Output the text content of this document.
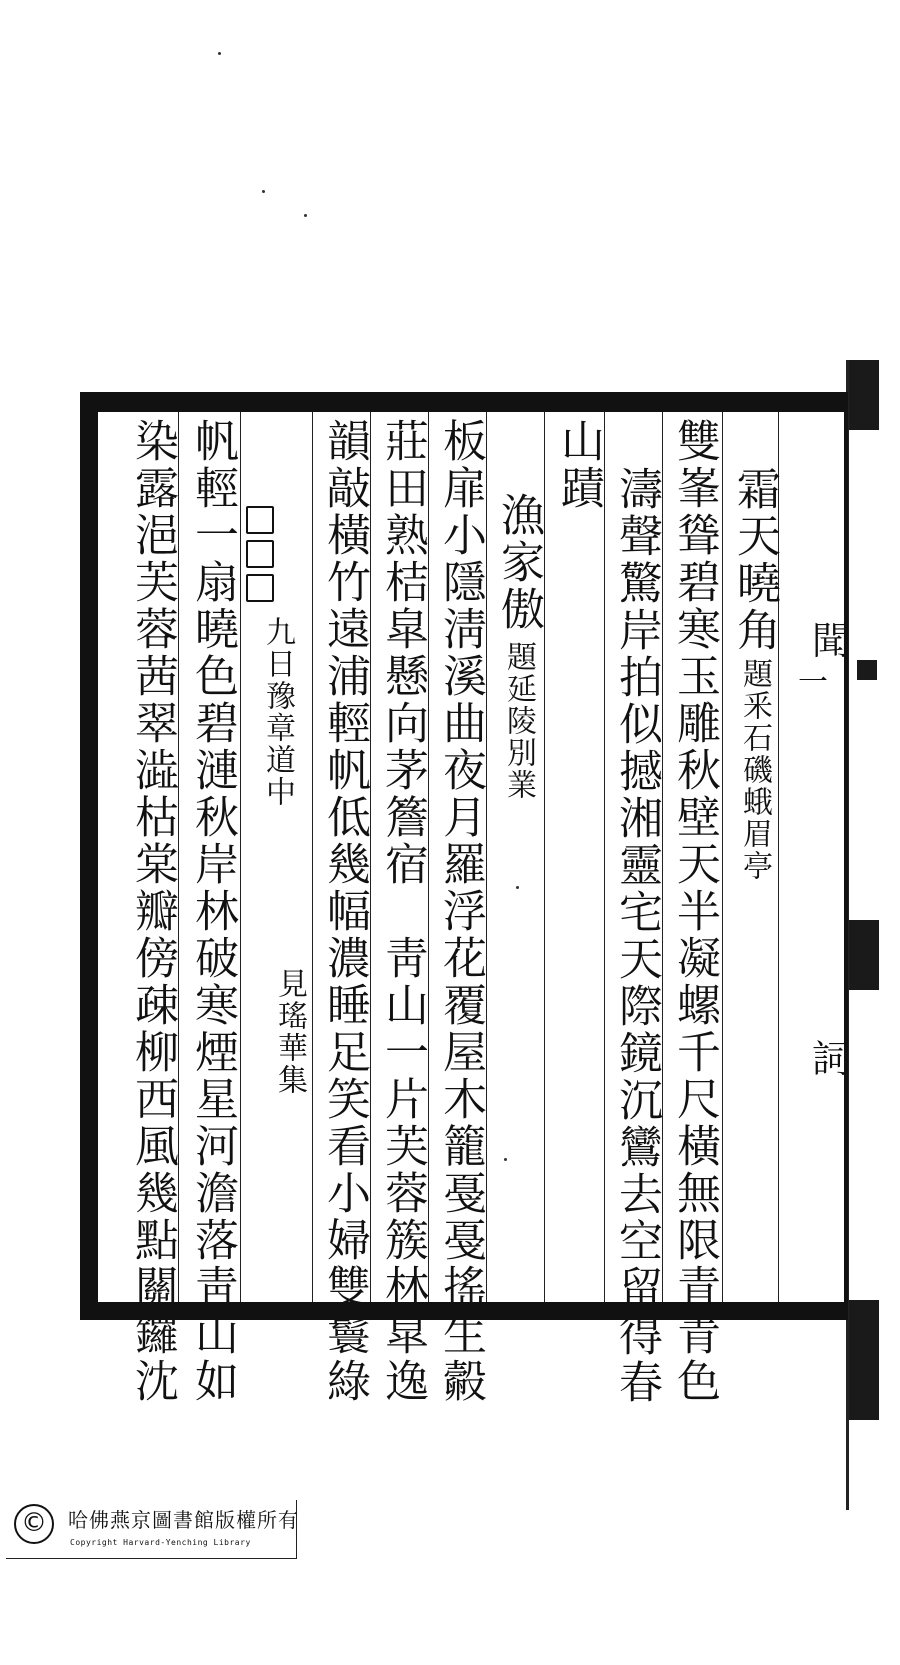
聞
一
詞
霜天曉角題釆石磯蛾眉亭
雙峯聳碧寒玉雕秋壁天半凝螺千尺橫無限青青色
濤聲驚岸拍似撼湘靈宅天際鏡沉鸞去空留得春
山蹟
漁家傲題延陵別業
板扉小隱淸溪曲夜月羅浮花覆屋木籠戞戞搖生㲉
莊田熟桔皐懸向茅簷宿　靑山一片芙蓉簇林皐逸
韻敲橫竹遠浦輕帆低幾幅濃睡足笑看小婦雙鬟綠
九日豫章道中
見瑤華集
帆輕一扇曉色碧漣秋岸林破寒煙星河澹落靑山如
染露浥芙蓉茜翠澁枯棠瓣傍疎柳西風幾點關鑼沈
©	哈佛燕京圖書館版權所有
Copyright Harvard-Yenching Library
